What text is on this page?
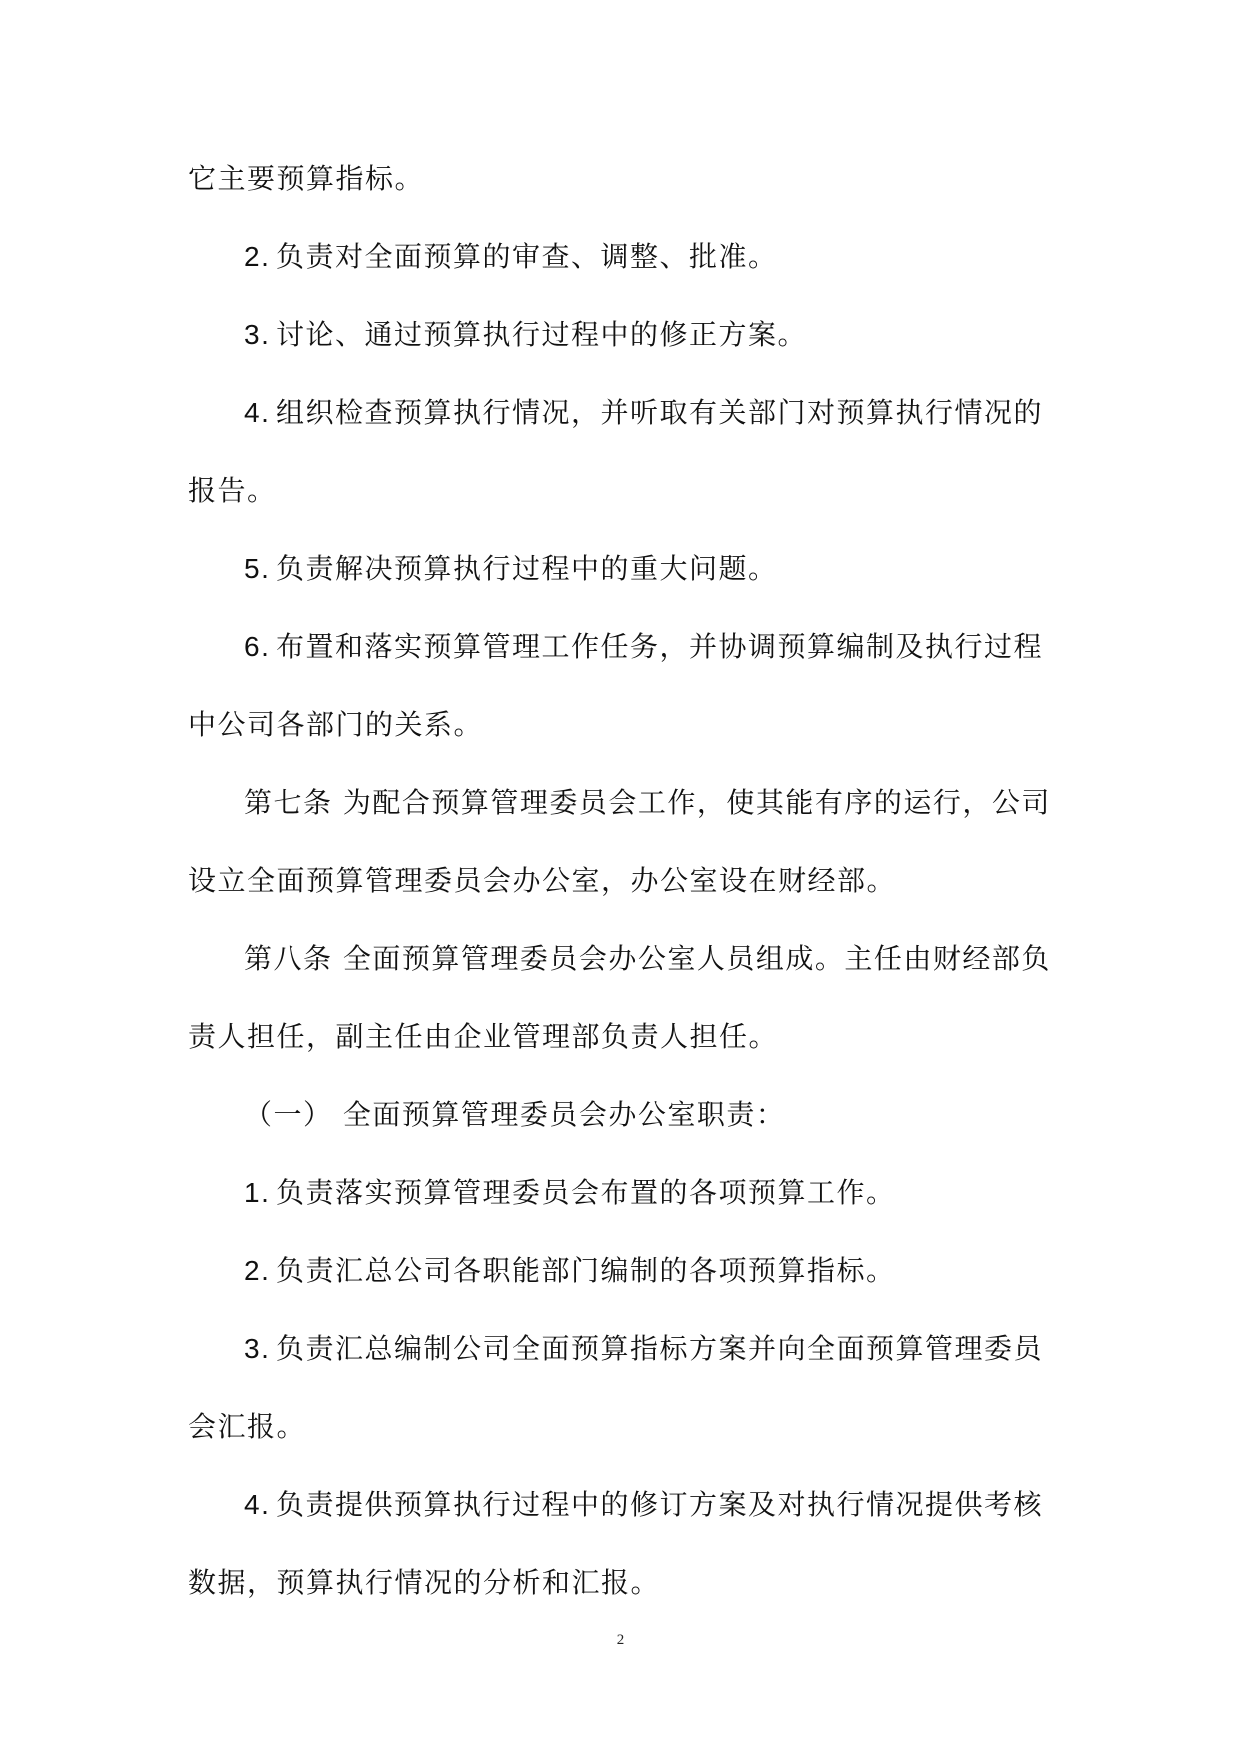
它主要预算指标。
2. 负责对全面预算的审查、调整、批准。
3. 讨论、通过预算执行过程中的修正方案。
4. 组织检查预算执行情况，并听取有关部门对预算执行情况的
报告。
5. 负责解决预算执行过程中的重大问题。
6. 布置和落实预算管理工作任务，并协调预算编制及执行过程
中公司各部门的关系。
第七条 为配合预算管理委员会工作，使其能有序的运行，公司
设立全面预算管理委员会办公室，办公室设在财经部。
第八条 全面预算管理委员会办公室人员组成。主任由财经部负
责人担任，副主任由企业管理部负责人担任。
（一） 全面预算管理委员会办公室职责：
1. 负责落实预算管理委员会布置的各项预算工作。
2. 负责汇总公司各职能部门编制的各项预算指标。
3. 负责汇总编制公司全面预算指标方案并向全面预算管理委员
会汇报。
4. 负责提供预算执行过程中的修订方案及对执行情况提供考核
数据，预算执行情况的分析和汇报。
2
